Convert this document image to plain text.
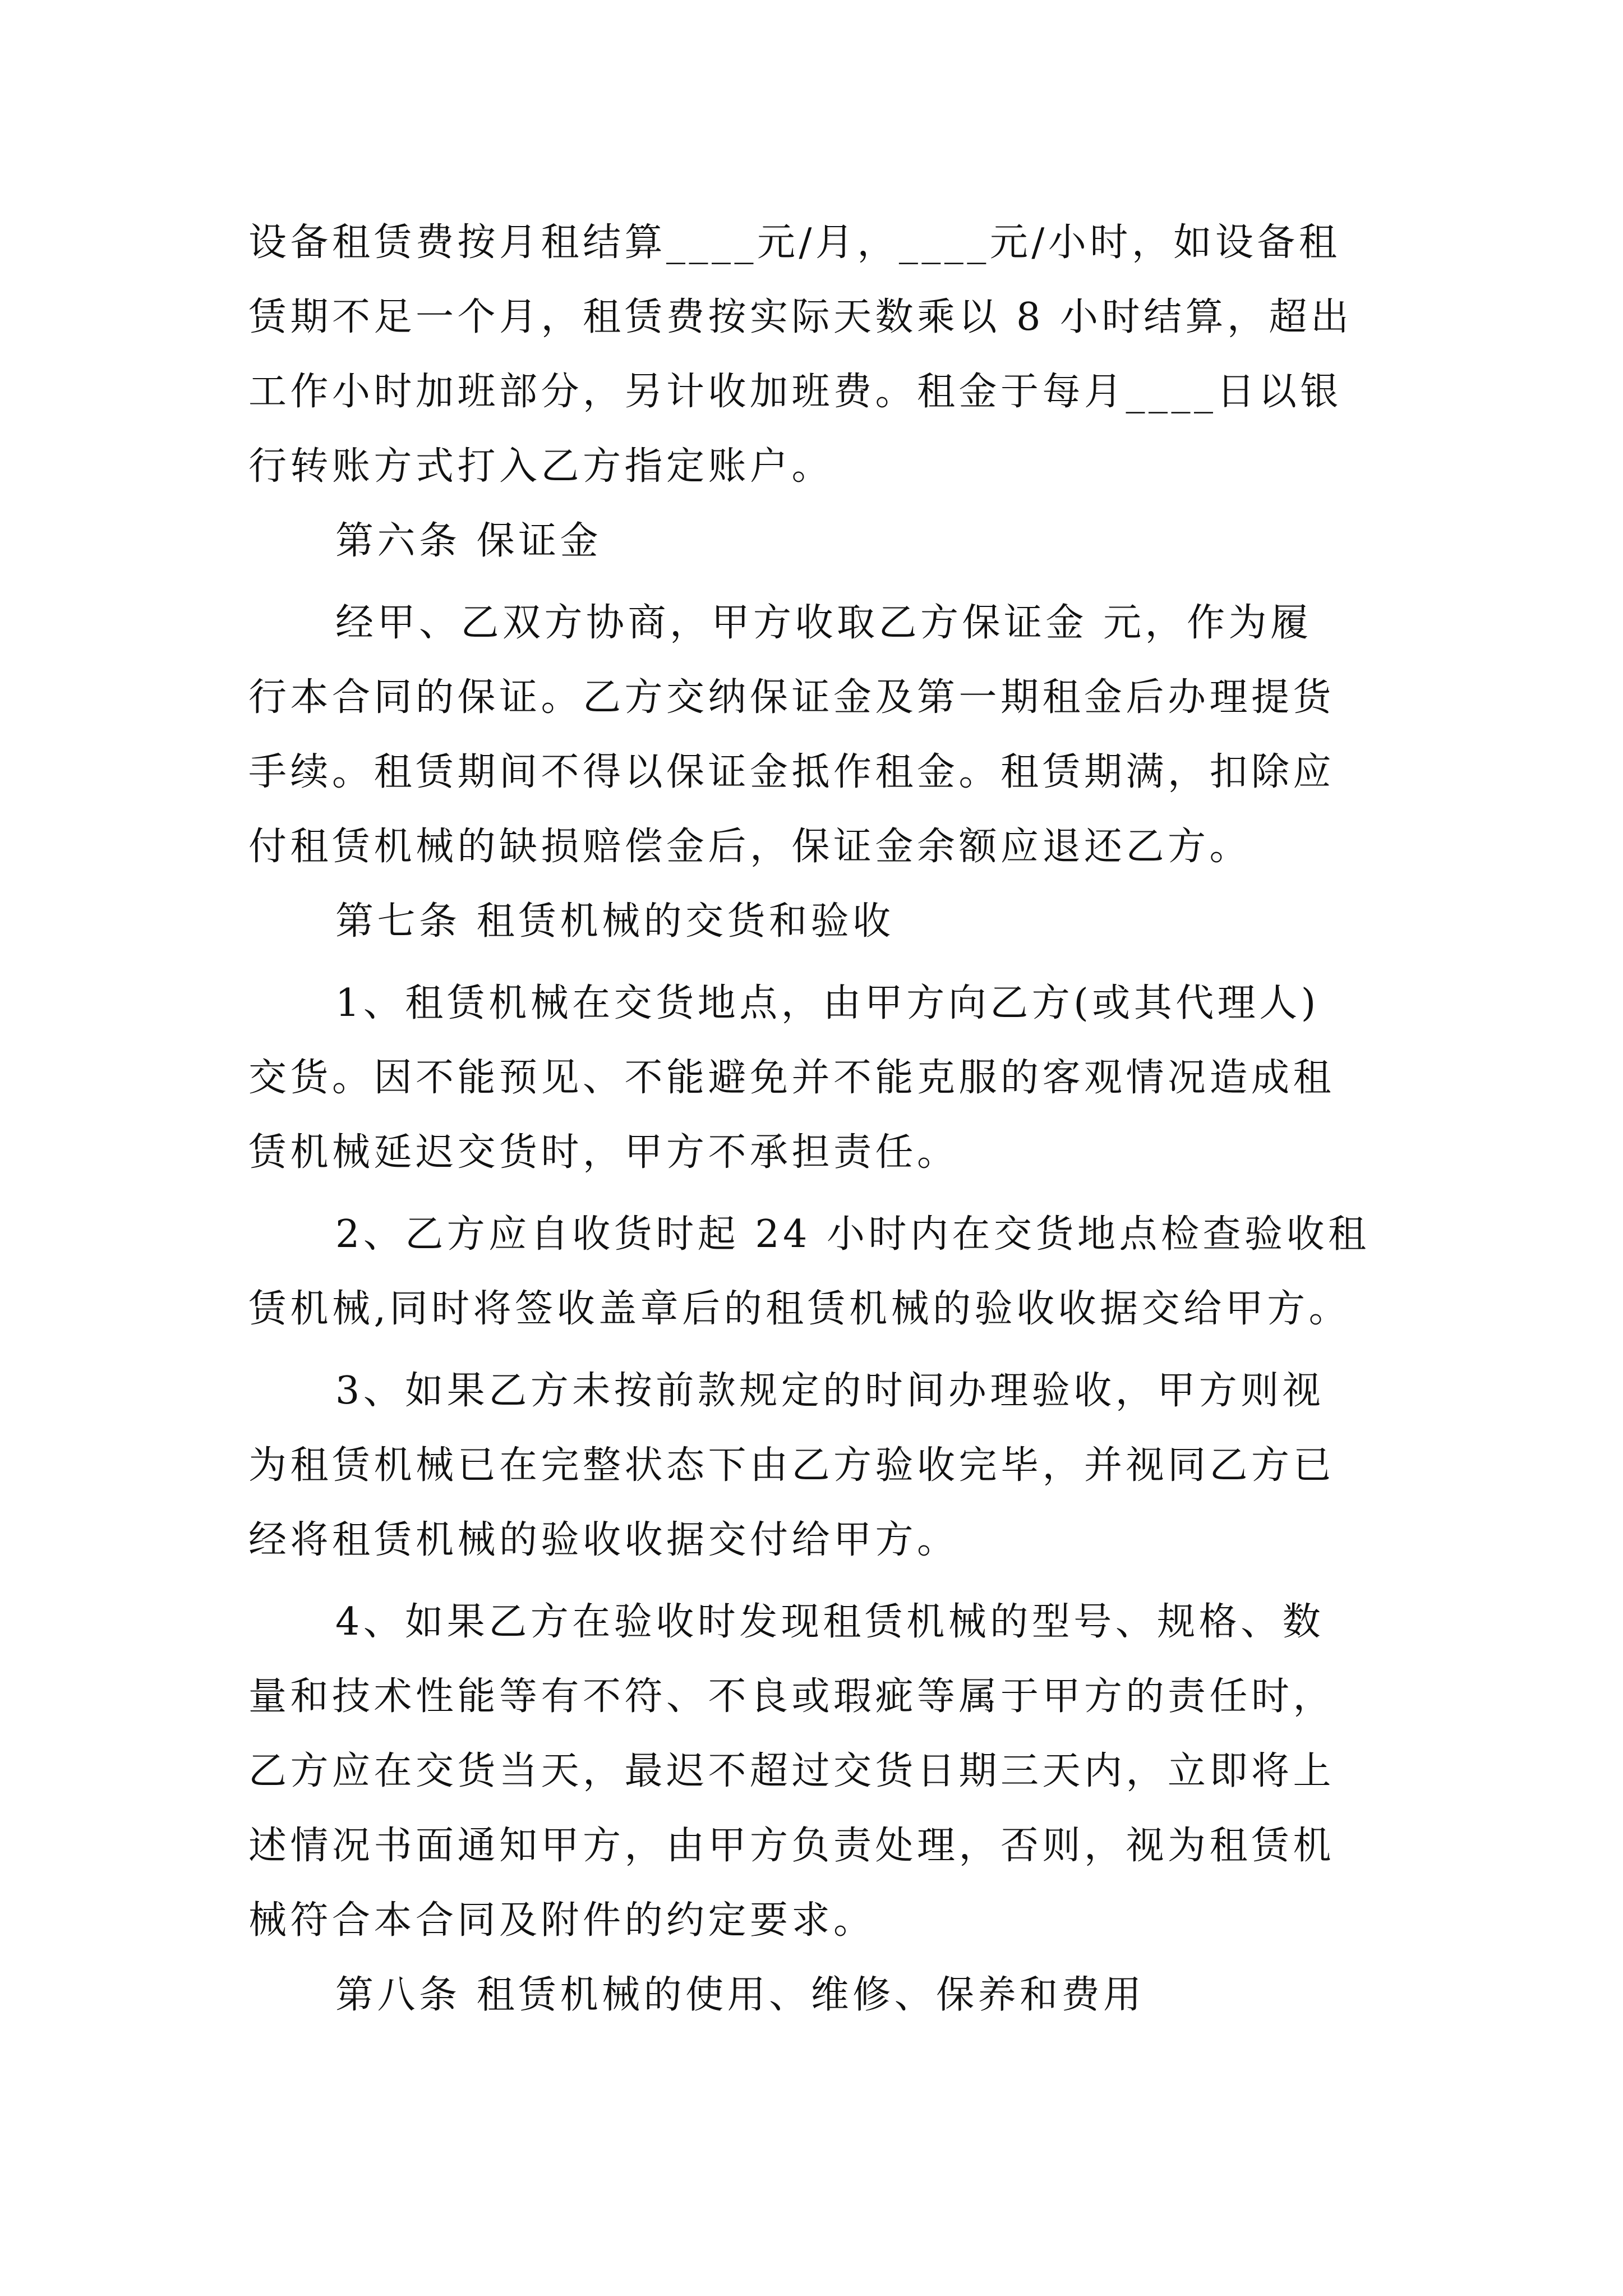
设备租赁费按月租结算____元/月，____元/小时，如设备租

赁期不足一个月，租赁费按实际天数乘以 8 小时结算，超出

工作小时加班部分，另计收加班费。租金于每月____日以银

行转账方式打入乙方指定账户。

第六条 保证金

经甲、乙双方协商，甲方收取乙方保证金 元，作为履

行本合同的保证。乙方交纳保证金及第一期租金后办理提货

手续。租赁期间不得以保证金抵作租金。租赁期满，扣除应

付租赁机械的缺损赔偿金后，保证金余额应退还乙方。

第七条 租赁机械的交货和验收

1、租赁机械在交货地点，由甲方向乙方(或其代理人)

交货。因不能预见、不能避免并不能克服的客观情况造成租

赁机械延迟交货时，甲方不承担责任。

2、乙方应自收货时起 24 小时内在交货地点检查验收租

赁机械,同时将签收盖章后的租赁机械的验收收据交给甲方。

3、如果乙方未按前款规定的时间办理验收，甲方则视

为租赁机械已在完整状态下由乙方验收完毕，并视同乙方已

经将租赁机械的验收收据交付给甲方。

4、如果乙方在验收时发现租赁机械的型号、规格、数

量和技术性能等有不符、不良或瑕疵等属于甲方的责任时，

乙方应在交货当天，最迟不超过交货日期三天内，立即将上

述情况书面通知甲方，由甲方负责处理，否则，视为租赁机

械符合本合同及附件的约定要求。

第八条 租赁机械的使用、维修、保养和费用
